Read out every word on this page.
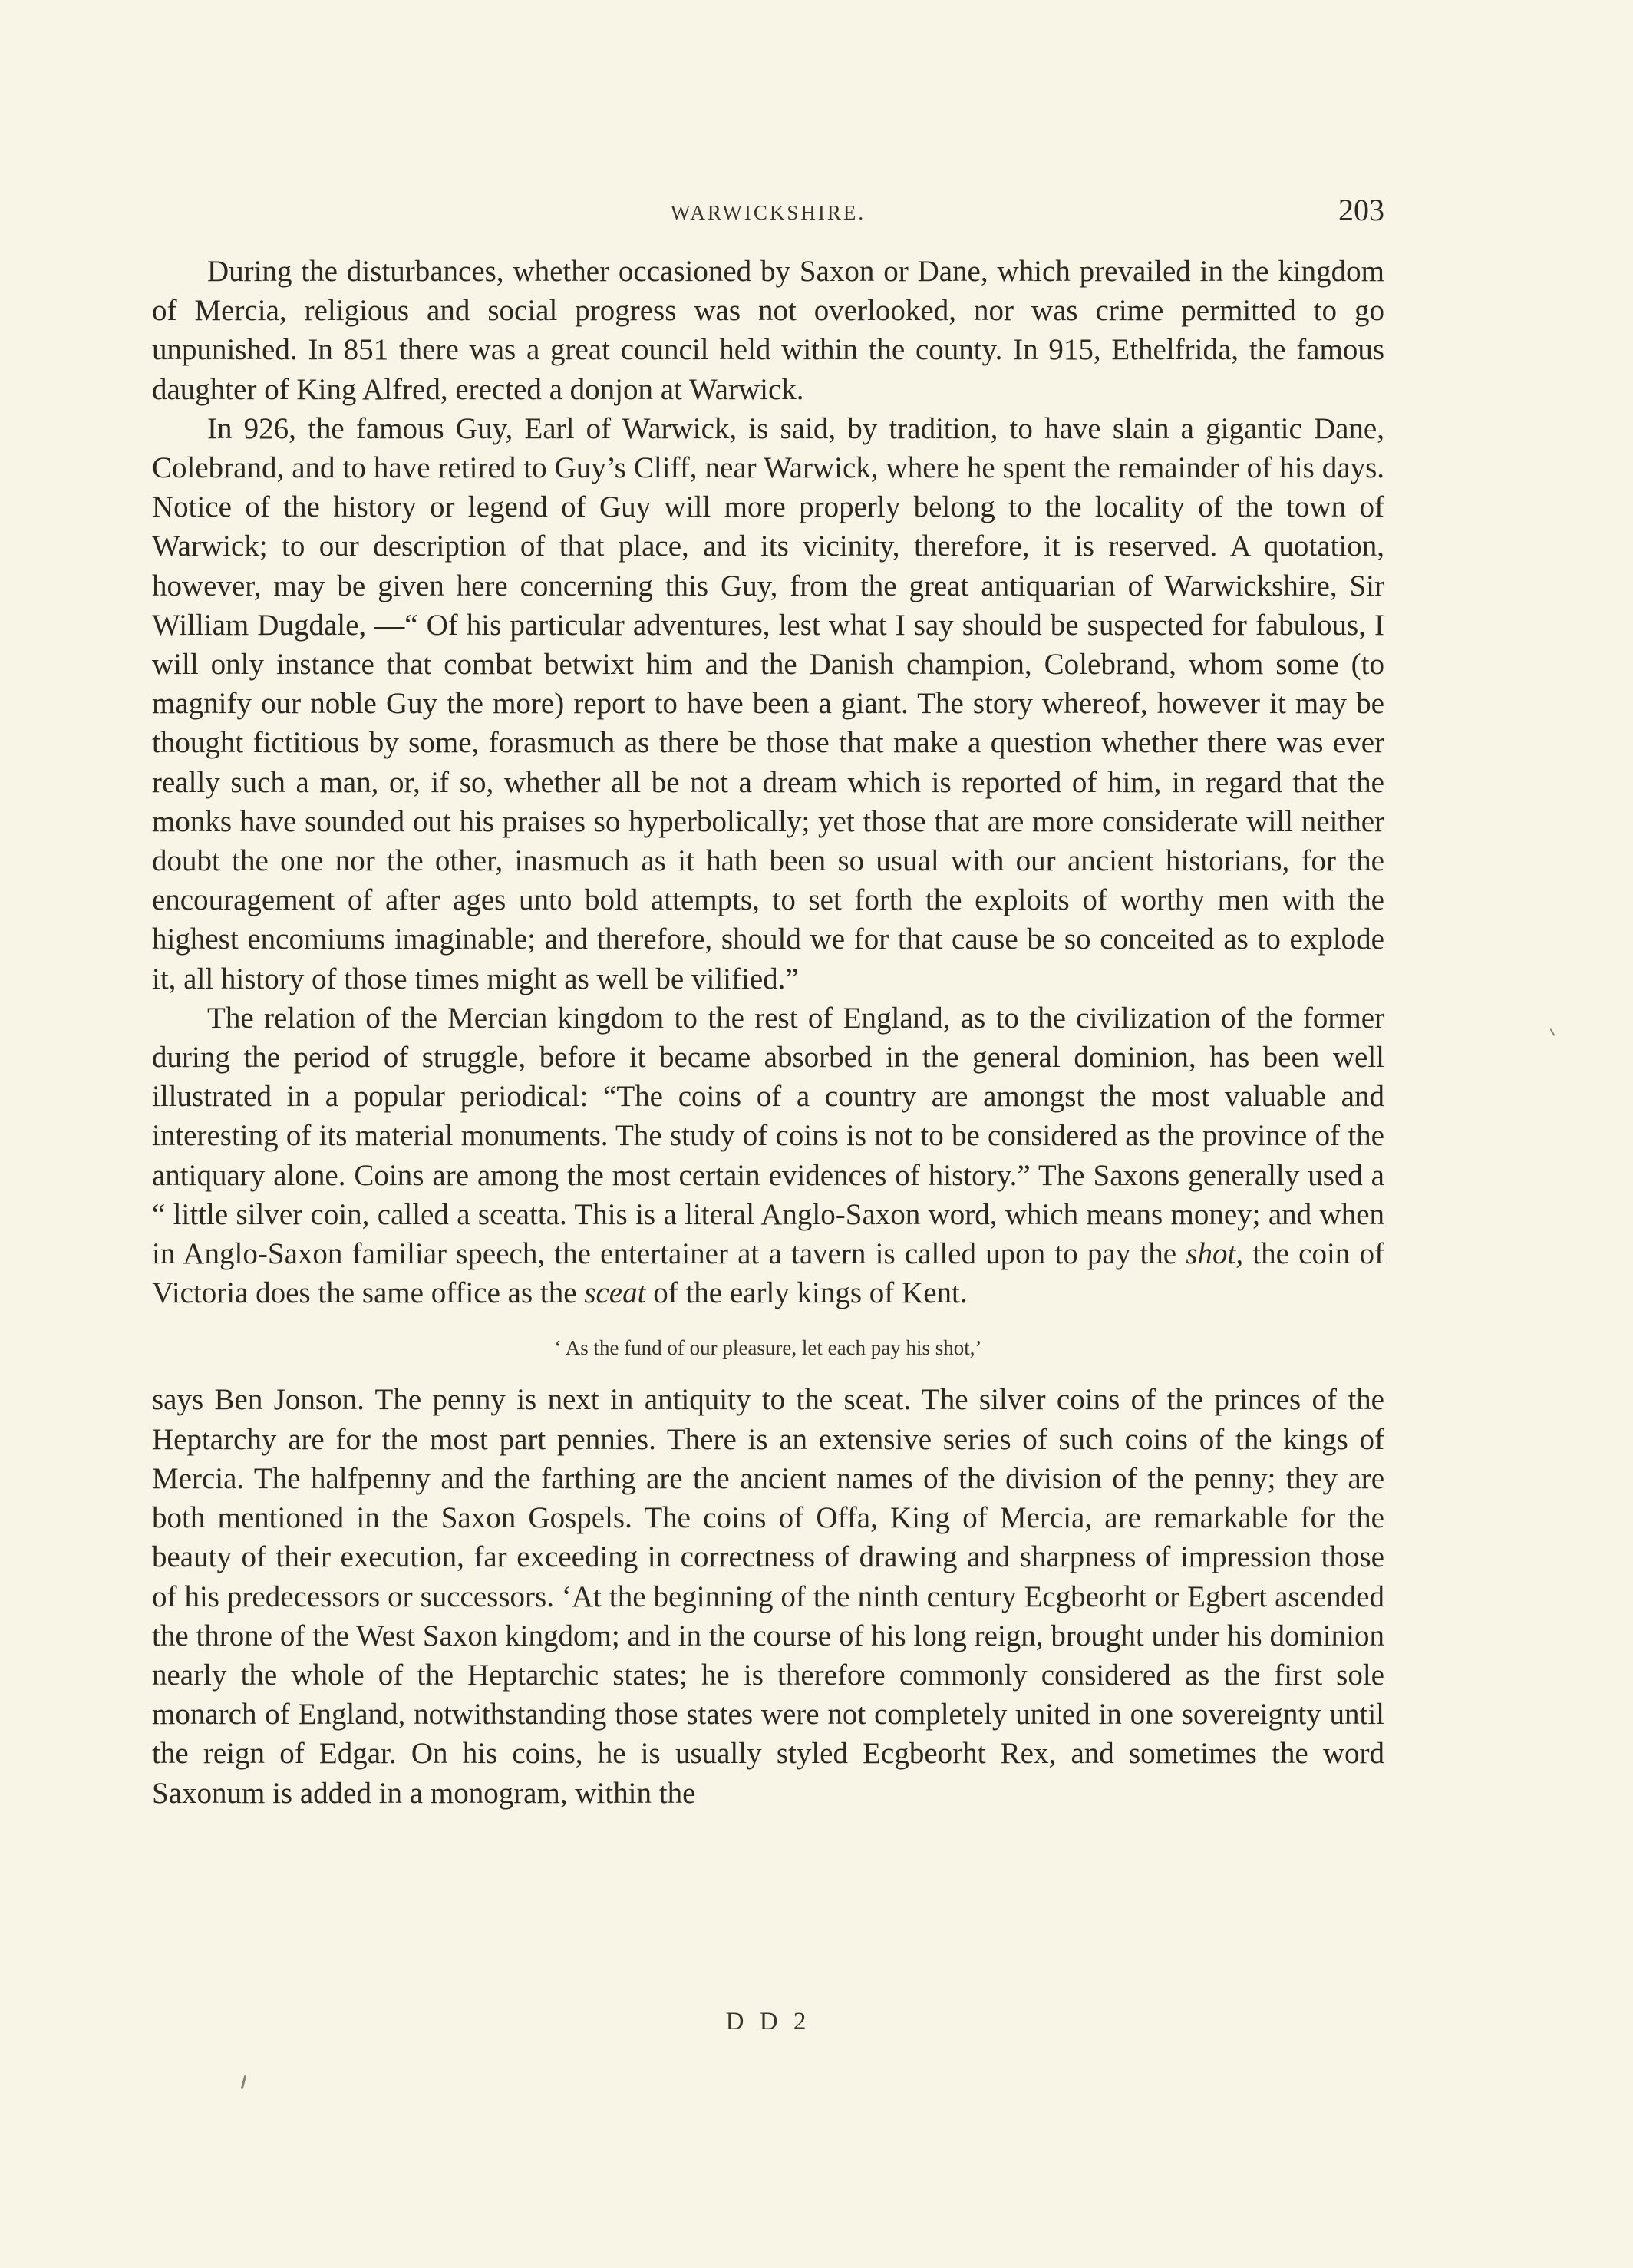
WARWICKSHIRE.	203

During the disturbances, whether occasioned by Saxon or Dane, which prevailed in the kingdom of Mercia, religious and social progress was not overlooked, nor was crime permitted to go unpunished. In 851 there was a great council held within the county. In 915, Ethelfrida, the famous daughter of King Alfred, erected a donjon at Warwick.

In 926, the famous Guy, Earl of Warwick, is said, by tradition, to have slain a gigantic Dane, Colebrand, and to have retired to Guy’s Cliff, near Warwick, where he spent the remainder of his days. Notice of the history or legend of Guy will more properly belong to the locality of the town of Warwick; to our description of that place, and its vicinity, therefore, it is reserved. A quotation, however, may be given here concerning this Guy, from the great antiquarian of Warwickshire, Sir William Dugdale, —“ Of his particular adventures, lest what I say should be suspected for fabulous, I will only instance that combat betwixt him and the Danish champion, Colebrand, whom some (to magnify our noble Guy the more) report to have been a giant. The story whereof, however it may be thought fictitious by some, forasmuch as there be those that make a question whether there was ever really such a man, or, if so, whether all be not a dream which is reported of him, in regard that the monks have sounded out his praises so hyperbolically; yet those that are more considerate will neither doubt the one nor the other, inasmuch as it hath been so usual with our ancient historians, for the encouragement of after ages unto bold attempts, to set forth the exploits of worthy men with the highest encomiums imaginable; and therefore, should we for that cause be so conceited as to explode it, all history of those times might as well be vilified.”

The relation of the Mercian kingdom to the rest of England, as to the civilization of the former during the period of struggle, before it became absorbed in the general dominion, has been well illustrated in a popular periodical: “The coins of a country are amongst the most valuable and interesting of its material monuments. The study of coins is not to be considered as the province of the antiquary alone. Coins are among the most certain evidences of history.” The Saxons generally used a “ little silver coin, called a sceatta. This is a literal Anglo-Saxon word, which means money; and when in Anglo-Saxon familiar speech, the entertainer at a tavern is called upon to pay the shot, the coin of Victoria does the same office as the sceat of the early kings of Kent.

‘ As the fund of our pleasure, let each pay his shot,’

says Ben Jonson. The penny is next in antiquity to the sceat. The silver coins of the princes of the Heptarchy are for the most part pennies. There is an extensive series of such coins of the kings of Mercia. The halfpenny and the farthing are the ancient names of the division of the penny; they are both mentioned in the Saxon Gospels. The coins of Offa, King of Mercia, are remarkable for the beauty of their execution, far exceeding in correctness of drawing and sharpness of impression those of his predecessors or successors. ‘At the beginning of the ninth century Ecgbeorht or Egbert ascended the throne of the West Saxon kingdom; and in the course of his long reign, brought under his dominion nearly the whole of the Heptarchic states; he is therefore commonly considered as the first sole monarch of England, notwithstanding those states were not completely united in one sovereignty until the reign of Edgar. On his coins, he is usually styled Ecgbeorht Rex, and sometimes the word Saxonum is added in a monogram, within the

D D 2
